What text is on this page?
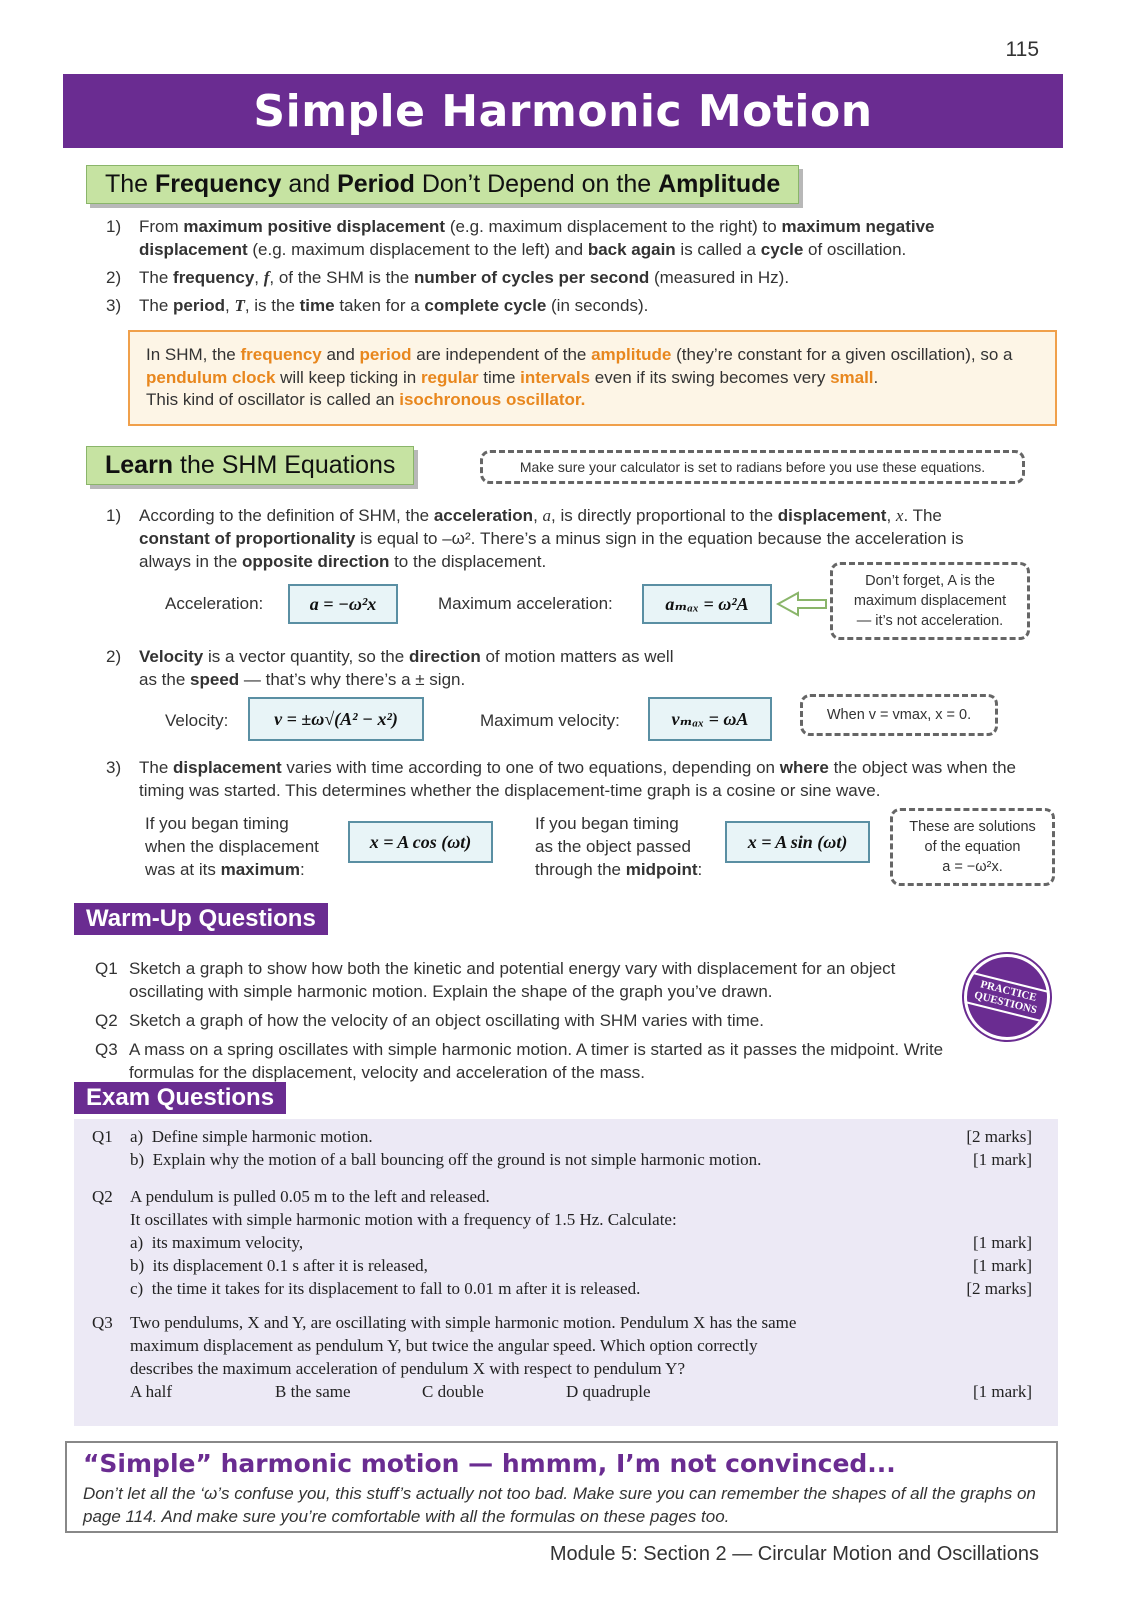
115
Simple Harmonic Motion
The Frequency and Period Don’t Depend on the Amplitude
1) From maximum positive displacement (e.g. maximum displacement to the right) to maximum negative displacement (e.g. maximum displacement to the left) and back again is called a cycle of oscillation.
2) The frequency, f, of the SHM is the number of cycles per second (measured in Hz).
3) The period, T, is the time taken for a complete cycle (in seconds).
In SHM, the frequency and period are independent of the amplitude (they’re constant for a given oscillation), so a pendulum clock will keep ticking in regular time intervals even if its swing becomes very small.
This kind of oscillator is called an isochronous oscillator.
Learn the SHM Equations	Make sure your calculator is set to radians before you use these equations.
1) According to the definition of SHM, the acceleration, a, is directly proportional to the displacement, x. The constant of proportionality is equal to –ω². There’s a minus sign in the equation because the acceleration is always in the opposite direction to the displacement.
Acceleration:	a = −ω²x	Maximum acceleration:	aₘₐₓ = ω²A
Don’t forget, A is the
maximum displacement
— it’s not acceleration.
2) Velocity is a vector quantity, so the direction of motion matters as well as the speed — that’s why there’s a ± sign.
Velocity:	v = ±ω√(A² − x²)	Maximum velocity:	vₘₐₓ = ωA	When v = vmax, x = 0.
3) The displacement varies with time according to one of two equations, depending on where the object was when the timing was started. This determines whether the displacement-time graph is a cosine or sine wave.
If you began timing
when the displacement
was at its maximum:
x = A cos (ωt)
If you began timing
as the object passed
through the midpoint:
x = A sin (ωt)
These are solutions
of the equation
a = −ω²x.
Warm-Up Questions
Q1 Sketch a graph to show how both the kinetic and potential energy vary with displacement for an object oscillating with simple harmonic motion. Explain the shape of the graph you’ve drawn.
Q2 Sketch a graph of how the velocity of an object oscillating with SHM varies with time.
Q3 A mass on a spring oscillates with simple harmonic motion. A timer is started as it passes the midpoint. Write formulas for the displacement, velocity and acceleration of the mass.
PRACTICE QUESTIONS
Exam Questions
Q1 a) Define simple harmonic motion.	[2 marks]
b) Explain why the motion of a ball bouncing off the ground is not simple harmonic motion.	[1 mark]
Q2 A pendulum is pulled 0.05 m to the left and released.
It oscillates with simple harmonic motion with a frequency of 1.5 Hz. Calculate:
a) its maximum velocity,	[1 mark]
b) its displacement 0.1 s after it is released,	[1 mark]
c) the time it takes for its displacement to fall to 0.01 m after it is released.	[2 marks]
Q3 Two pendulums, X and Y, are oscillating with simple harmonic motion. Pendulum X has the same
maximum displacement as pendulum Y, but twice the angular speed. Which option correctly
describes the maximum acceleration of pendulum X with respect to pendulum Y?
A half	B the same	C double	D quadruple	[1 mark]
“Simple” harmonic motion — hmmm, I’m not convinced...
Don’t let all the ‘ω’s confuse you, this stuff’s actually not too bad. Make sure you can remember the shapes of all the graphs on page 114. And make sure you’re comfortable with all the formulas on these pages too.
Module 5: Section 2 — Circular Motion and Oscillations
